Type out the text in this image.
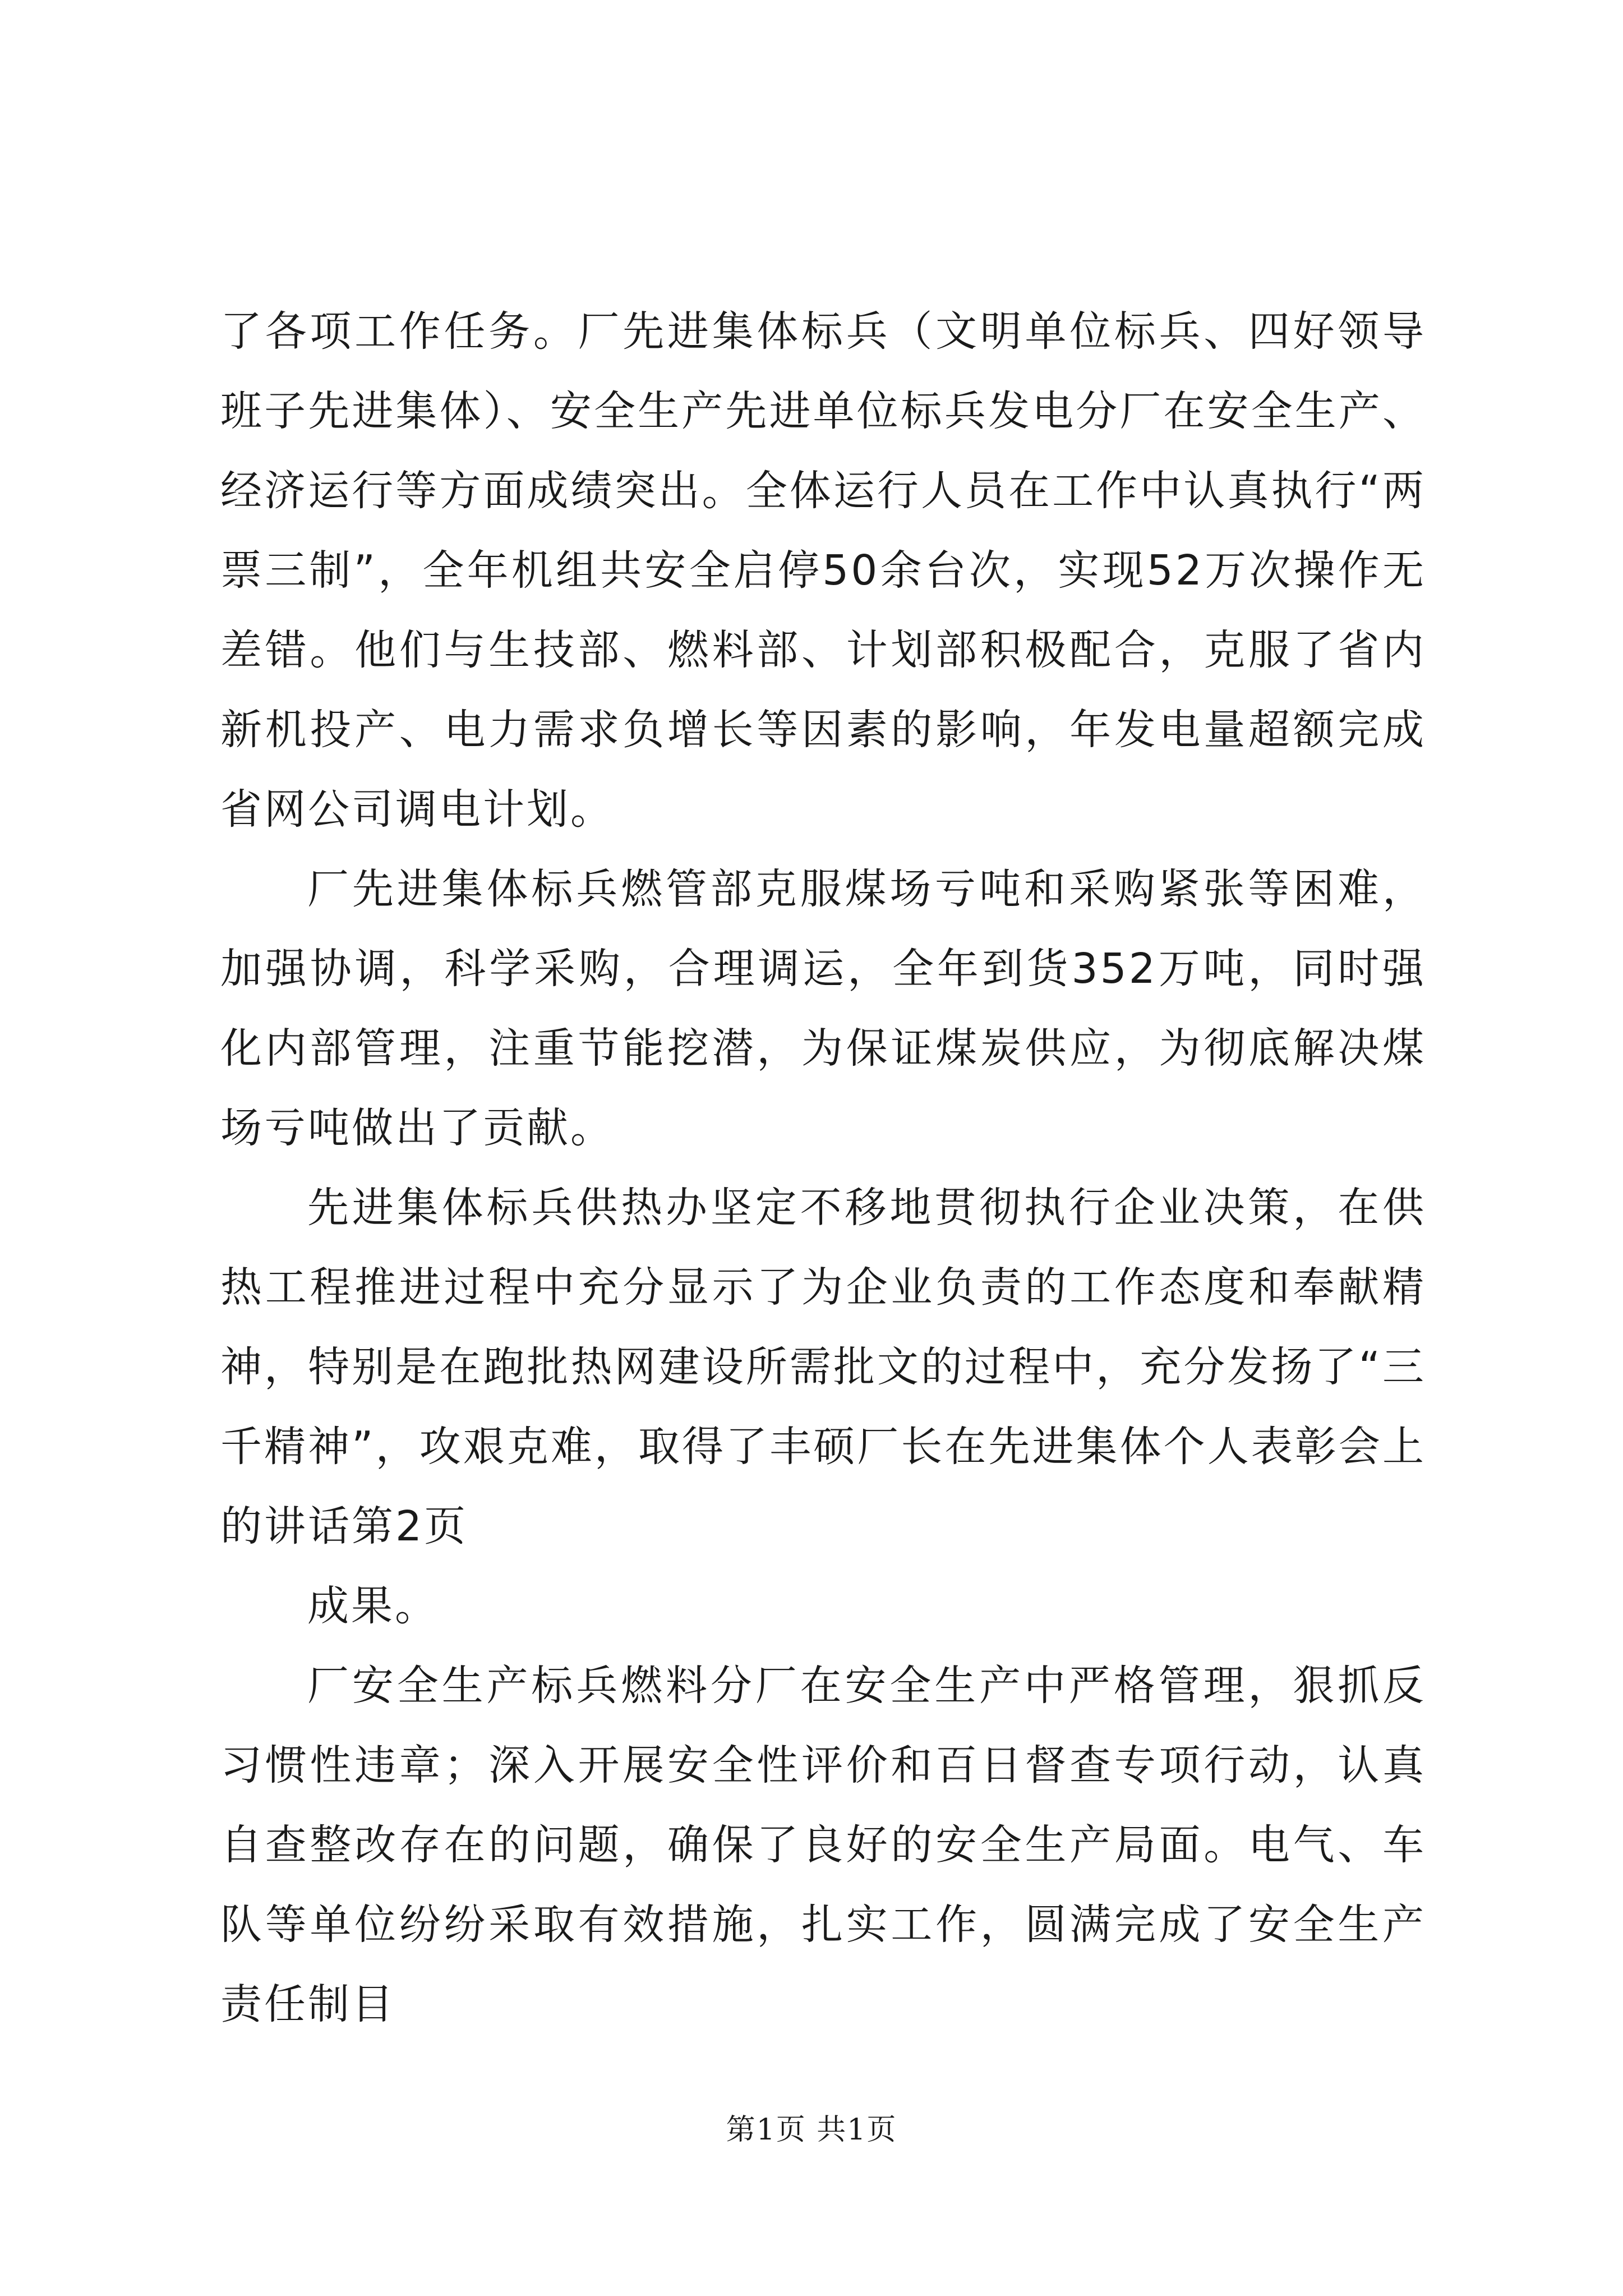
了各项工作任务。厂先进集体标兵（文明单位标兵、四好领导班子先进集体）、安全生产先进单位标兵发电分厂在安全生产、经济运行等方面成绩突出。全体运行人员在工作中认真执行“两票三制”，全年机组共安全启停50余台次，实现52万次操作无差错。他们与生技部、燃料部、计划部积极配合，克服了省内新机投产、电力需求负增长等因素的影响，年发电量超额完成省网公司调电计划。

厂先进集体标兵燃管部克服煤场亏吨和采购紧张等困难，加强协调，科学采购，合理调运，全年到货352万吨，同时强化内部管理，注重节能挖潜，为保证煤炭供应，为彻底解决煤场亏吨做出了贡献。

先进集体标兵供热办坚定不移地贯彻执行企业决策，在供热工程推进过程中充分显示了为企业负责的工作态度和奉献精神，特别是在跑批热网建设所需批文的过程中，充分发扬了“三千精神”，攻艰克难，取得了丰硕厂长在先进集体个人表彰会上的讲话第2页

成果。

厂安全生产标兵燃料分厂在安全生产中严格管理，狠抓反习惯性违章；深入开展安全性评价和百日督查专项行动，认真自查整改存在的问题，确保了良好的安全生产局面。电气、车队等单位纷纷采取有效措施，扎实工作，圆满完成了安全生产责任制目

第1页 共1页
